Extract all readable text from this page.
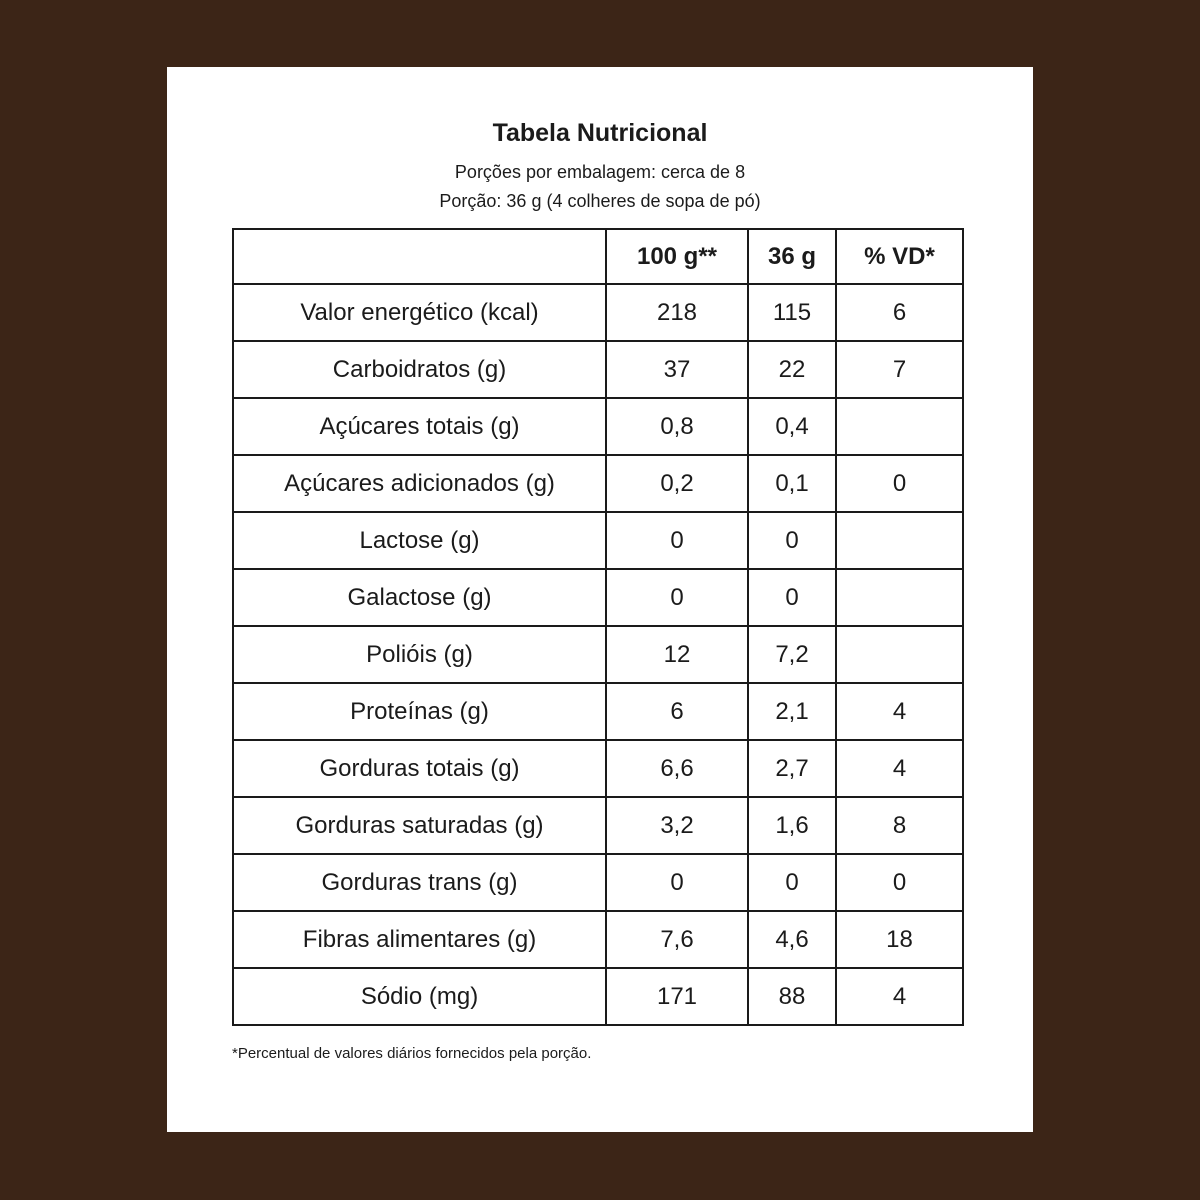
Tabela Nutricional
Porções por embalagem: cerca de 8
Porção: 36 g (4 colheres de sopa de pó)
	100 g**	36 g	% VD*
Valor energético (kcal)	218	115	6
Carboidratos (g)	37	22	7
Açúcares totais (g)	0,8	0,4	
Açúcares adicionados (g)	0,2	0,1	0
Lactose (g)	0	0	
Galactose (g)	0	0	
Polióis (g)	12	7,2	
Proteínas (g)	6	2,1	4
Gorduras totais (g)	6,6	2,7	4
Gorduras saturadas (g)	3,2	1,6	8
Gorduras trans (g)	0	0	0
Fibras alimentares (g)	7,6	4,6	18
Sódio (mg)	171	88	4
*Percentual de valores diários fornecidos pela porção.
